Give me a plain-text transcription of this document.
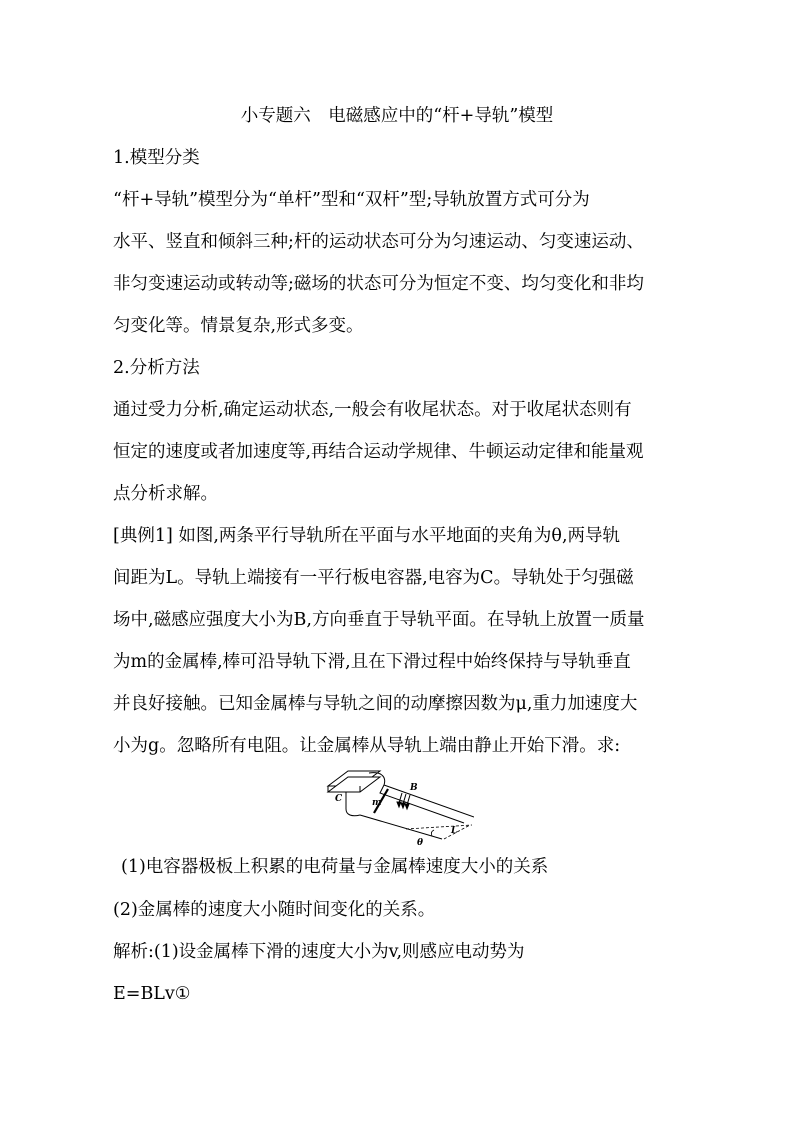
小专题六　电磁感应中的“杆+导轨”模型
1.模型分类
“杆+导轨”模型分为“单杆”型和“双杆”型;导轨放置方式可分为
水平、竖直和倾斜三种;杆的运动状态可分为匀速运动、匀变速运动、
非匀变速运动或转动等;磁场的状态可分为恒定不变、均匀变化和非均
匀变化等。情景复杂,形式多变。
2.分析方法
通过受力分析,确定运动状态,一般会有收尾状态。对于收尾状态则有
恒定的速度或者加速度等,再结合运动学规律、牛顿运动定律和能量观
点分析求解。
[典例1] 如图,两条平行导轨所在平面与水平地面的夹角为θ,两导轨
间距为L。导轨上端接有一平行板电容器,电容为C。导轨处于匀强磁
场中,磁感应强度大小为B,方向垂直于导轨平面。在导轨上放置一质量
为m的金属棒,棒可沿导轨下滑,且在下滑过程中始终保持与导轨垂直
并良好接触。已知金属棒与导轨之间的动摩擦因数为μ,重力加速度大
小为g。忽略所有电阻。让金属棒从导轨上端由静止开始下滑。求:
C	m
B
L
θ
(1)电容器极板上积累的电荷量与金属棒速度大小的关系
(2)金属棒的速度大小随时间变化的关系。
解析:(1)设金属棒下滑的速度大小为v,则感应电动势为
E=BLv①
